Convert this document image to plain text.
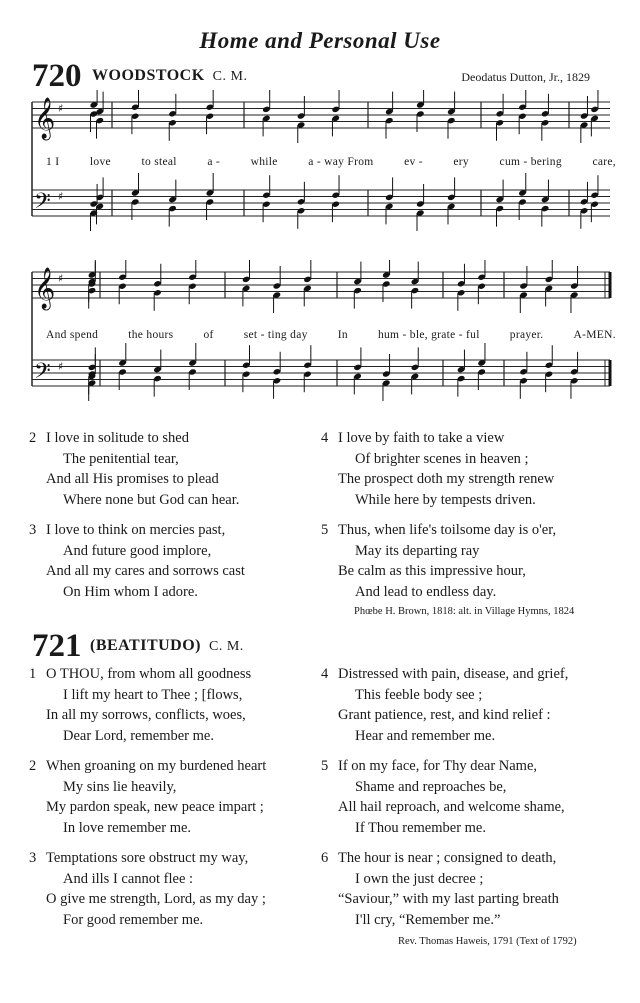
Home and Personal Use
720 WOODSTOCK C. M.	Deodatus Dutton, Jr., 1829
𝄞 ♯
𝄢 ♯
1 I	love	to steal	a -	while	a - way From	ev -	ery	cum - bering	care,
𝄞 ♯
𝄢 ♯
And spend	the hours	of	set - ting day	In	hum - ble, grate - ful	prayer.	A-MEN.
2 I love in solitude to shed
The penitential tear,
And all His promises to plead
Where none but God can hear.
3 I love to think on mercies past,
And future good implore,
And all my cares and sorrows cast
On Him whom I adore.
4 I love by faith to take a view
Of brighter scenes in heaven ;
The prospect doth my strength renew
While here by tempests driven.
5 Thus, when life's toilsome day is o'er,
May its departing ray
Be calm as this impressive hour,
And lead to endless day.
Phœbe H. Brown, 1818: alt. in Village Hymns, 1824
721 (BEATITUDO) C. M.
1 O THOU, from whom all goodness
I lift my heart to Thee ; [flows,
In all my sorrows, conflicts, woes,
Dear Lord, remember me.
2 When groaning on my burdened heart
My sins lie heavily,
My pardon speak, new peace impart ;
In love remember me.
3 Temptations sore obstruct my way,
And ills I cannot flee :
O give me strength, Lord, as my day ;
For good remember me.
4 Distressed with pain, disease, and grief,
This feeble body see ;
Grant patience, rest, and kind relief :
Hear and remember me.
5 If on my face, for Thy dear Name,
Shame and reproaches be,
All hail reproach, and welcome shame,
If Thou remember me.
6 The hour is near ; consigned to death,
I own the just decree ;
“Saviour,” with my last parting breath
I'll cry, “Remember me.”
Rev. Thomas Haweis, 1791 (Text of 1792)
